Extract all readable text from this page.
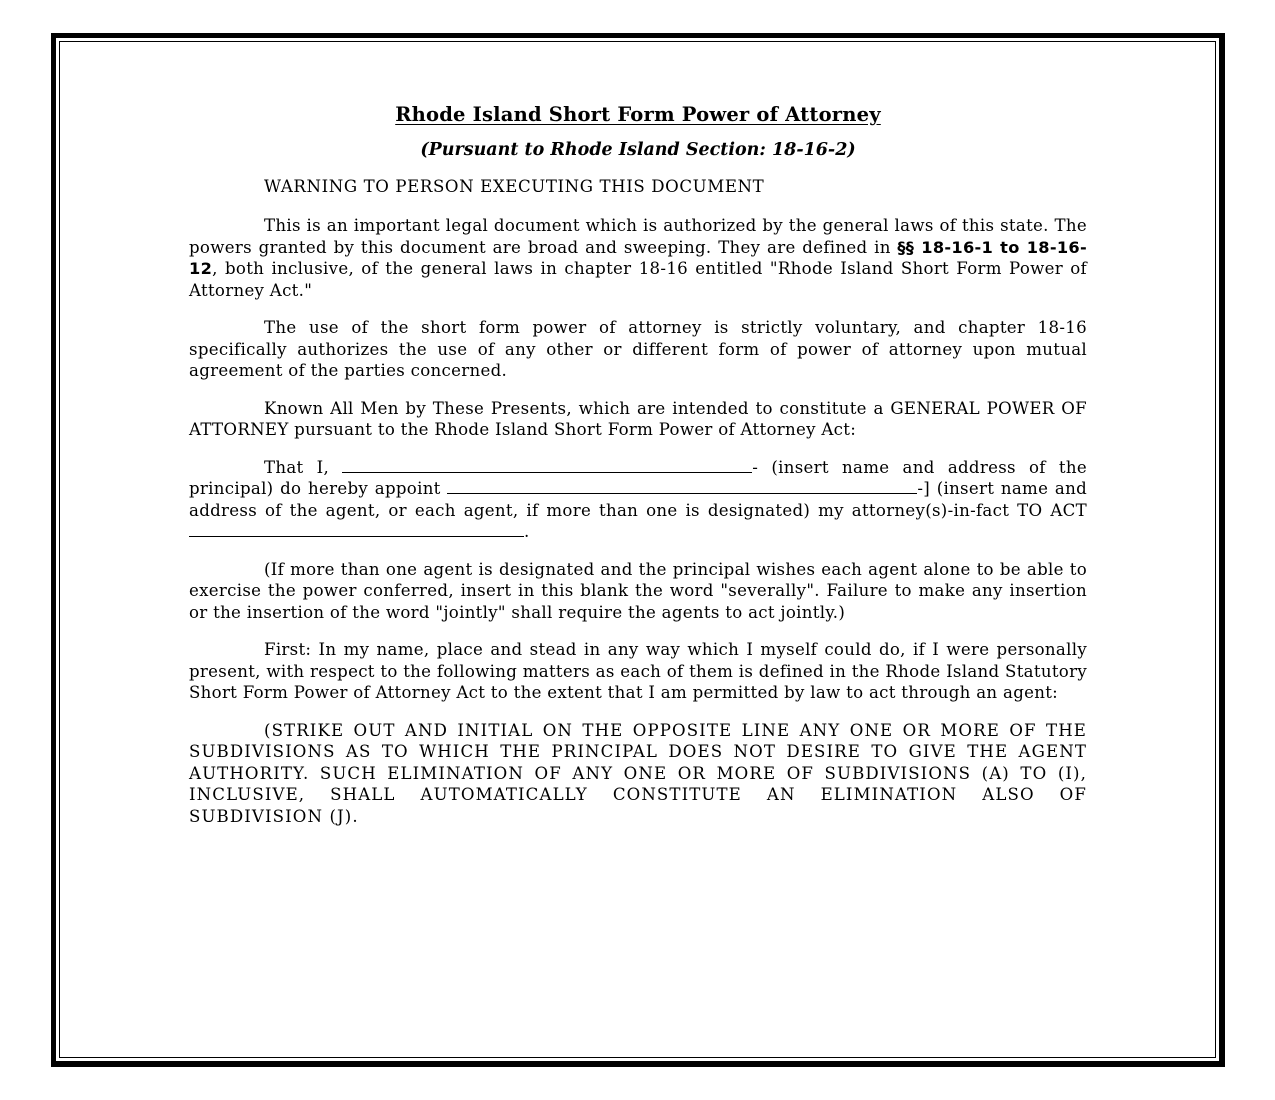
Rhode Island Short Form Power of Attorney

(Pursuant to Rhode Island Section: 18-16-2)

WARNING TO PERSON EXECUTING THIS DOCUMENT

This is an important legal document which is authorized by the general laws of this state. The powers granted by this document are broad and sweeping. They are defined in §§ 18-16-1 to 18-16-12, both inclusive, of the general laws in chapter 18-16 entitled "Rhode Island Short Form Power of Attorney Act."

The use of the short form power of attorney is strictly voluntary, and chapter 18-16 specifically authorizes the use of any other or different form of power of attorney upon mutual agreement of the parties concerned.

Known All Men by These Presents, which are intended to constitute a GENERAL POWER OF ATTORNEY pursuant to the Rhode Island Short Form Power of Attorney Act:

That I,	- (insert name and address of the principal) do hereby appoint	-] (insert name and address of the agent, or each agent, if more than one is designated) my attorney(s)-in-fact TO ACT .

(If more than one agent is designated and the principal wishes each agent alone to be able to exercise the power conferred, insert in this blank the word "severally". Failure to make any insertion or the insertion of the word "jointly" shall require the agents to act jointly.)

First: In my name, place and stead in any way which I myself could do, if I were personally present, with respect to the following matters as each of them is defined in the Rhode Island Statutory Short Form Power of Attorney Act to the extent that I am permitted by law to act through an agent:

(STRIKE OUT AND INITIAL ON THE OPPOSITE LINE ANY ONE OR MORE OF THE SUBDIVISIONS AS TO WHICH THE PRINCIPAL DOES NOT DESIRE TO GIVE THE AGENT AUTHORITY. SUCH ELIMINATION OF ANY ONE OR MORE OF SUBDIVISIONS (A) TO (I), INCLUSIVE, SHALL AUTOMATICALLY CONSTITUTE AN ELIMINATION ALSO OF SUBDIVISION (J).
